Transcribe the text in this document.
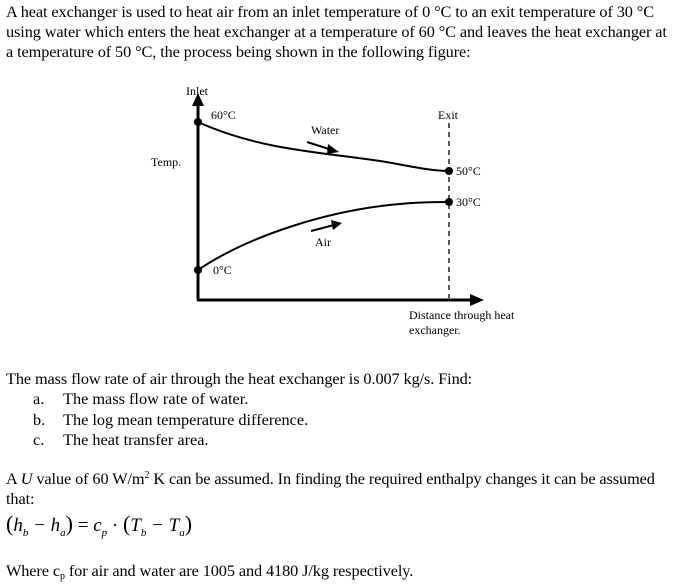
A heat exchanger is used to heat air from an inlet temperature of 0 °C to an exit temperature of 30 °C using water which enters the heat exchanger at a temperature of 60 °C and leaves the heat exchanger at a temperature of 50 °C, the process being shown in the following figure:
Inlet
Exit
Temp.
Water
Air
60°C
50°C
30°C
0°C
Distance through heat
exchanger.
The mass flow rate of air through the heat exchanger is 0.007 kg/s. Find:
a.	The mass flow rate of water.
b.	The log mean temperature difference.
c.	The heat transfer area.
A U value of 60 $W/m^2$ K can be assumed. In finding the required enthalpy changes it can be assumed that:
$(h_b - h_a) = c_p \cdot (T_b - T_a)$
Where $c_p$ for air and water are 1005 and 4180 J/kg respectively.
